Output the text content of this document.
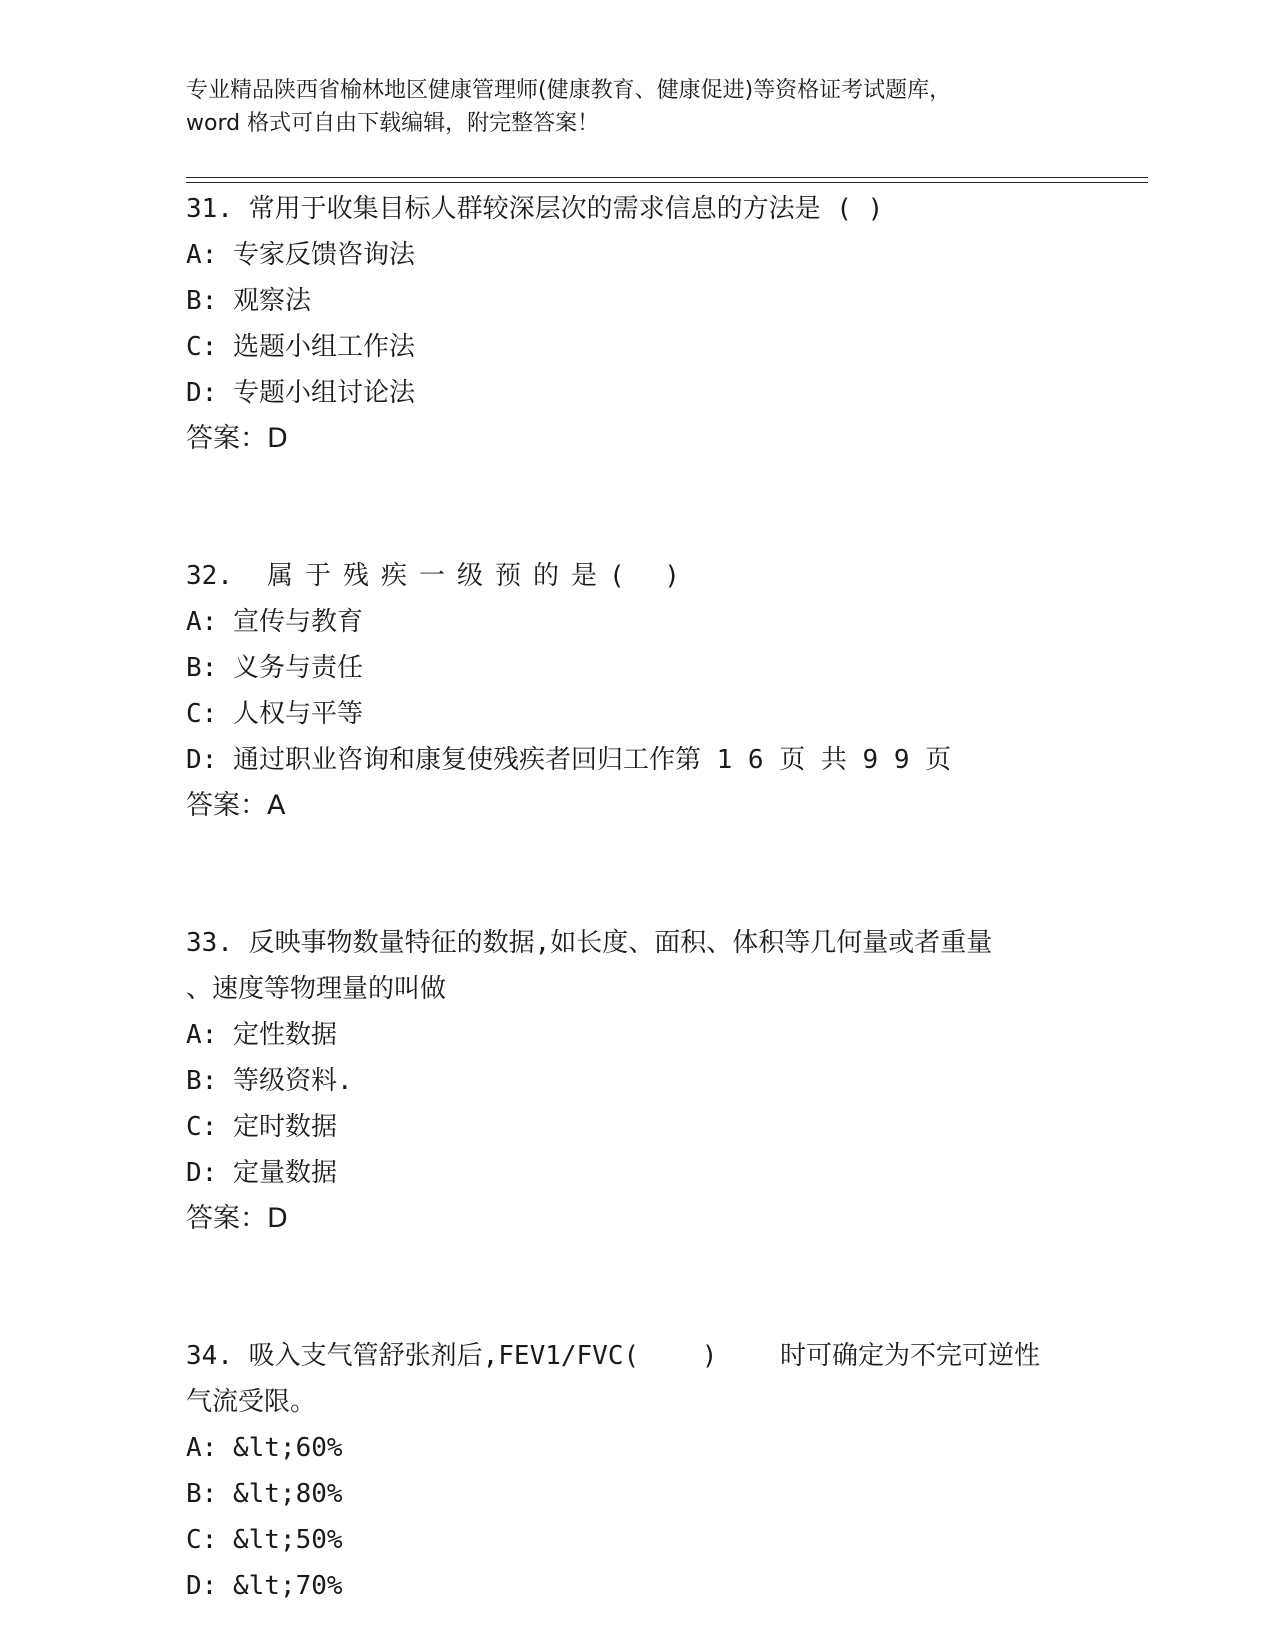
专业精品陕西省榆林地区健康管理师(健康教育、健康促进)等资格证考试题库，
word 格式可自由下载编辑，附完整答案！
31. 常用于收集目标人群较深层次的需求信息的方法是 ( )
A: 专家反馈咨询法
B: 观察法
C: 选题小组工作法
D: 专题小组讨论法
答案：D
32. 属于残疾一级预的是( )
A: 宣传与教育
B: 义务与责任
C: 人权与平等
D: 通过职业咨询和康复使残疾者回归工作第 1 6 页 共 9 9 页
答案：A
33. 反映事物数量特征的数据,如长度、面积、体积等几何量或者重量
、速度等物理量的叫做
A: 定性数据
B: 等级资料.
C: 定时数据
D: 定量数据
答案：D
34. 吸入支气管舒张剂后,FEV1/FVC(    )    时可确定为不完可逆性
气流受限。
A: &lt;60%
B: &lt;80%
C: &lt;50%
D: &lt;70%
